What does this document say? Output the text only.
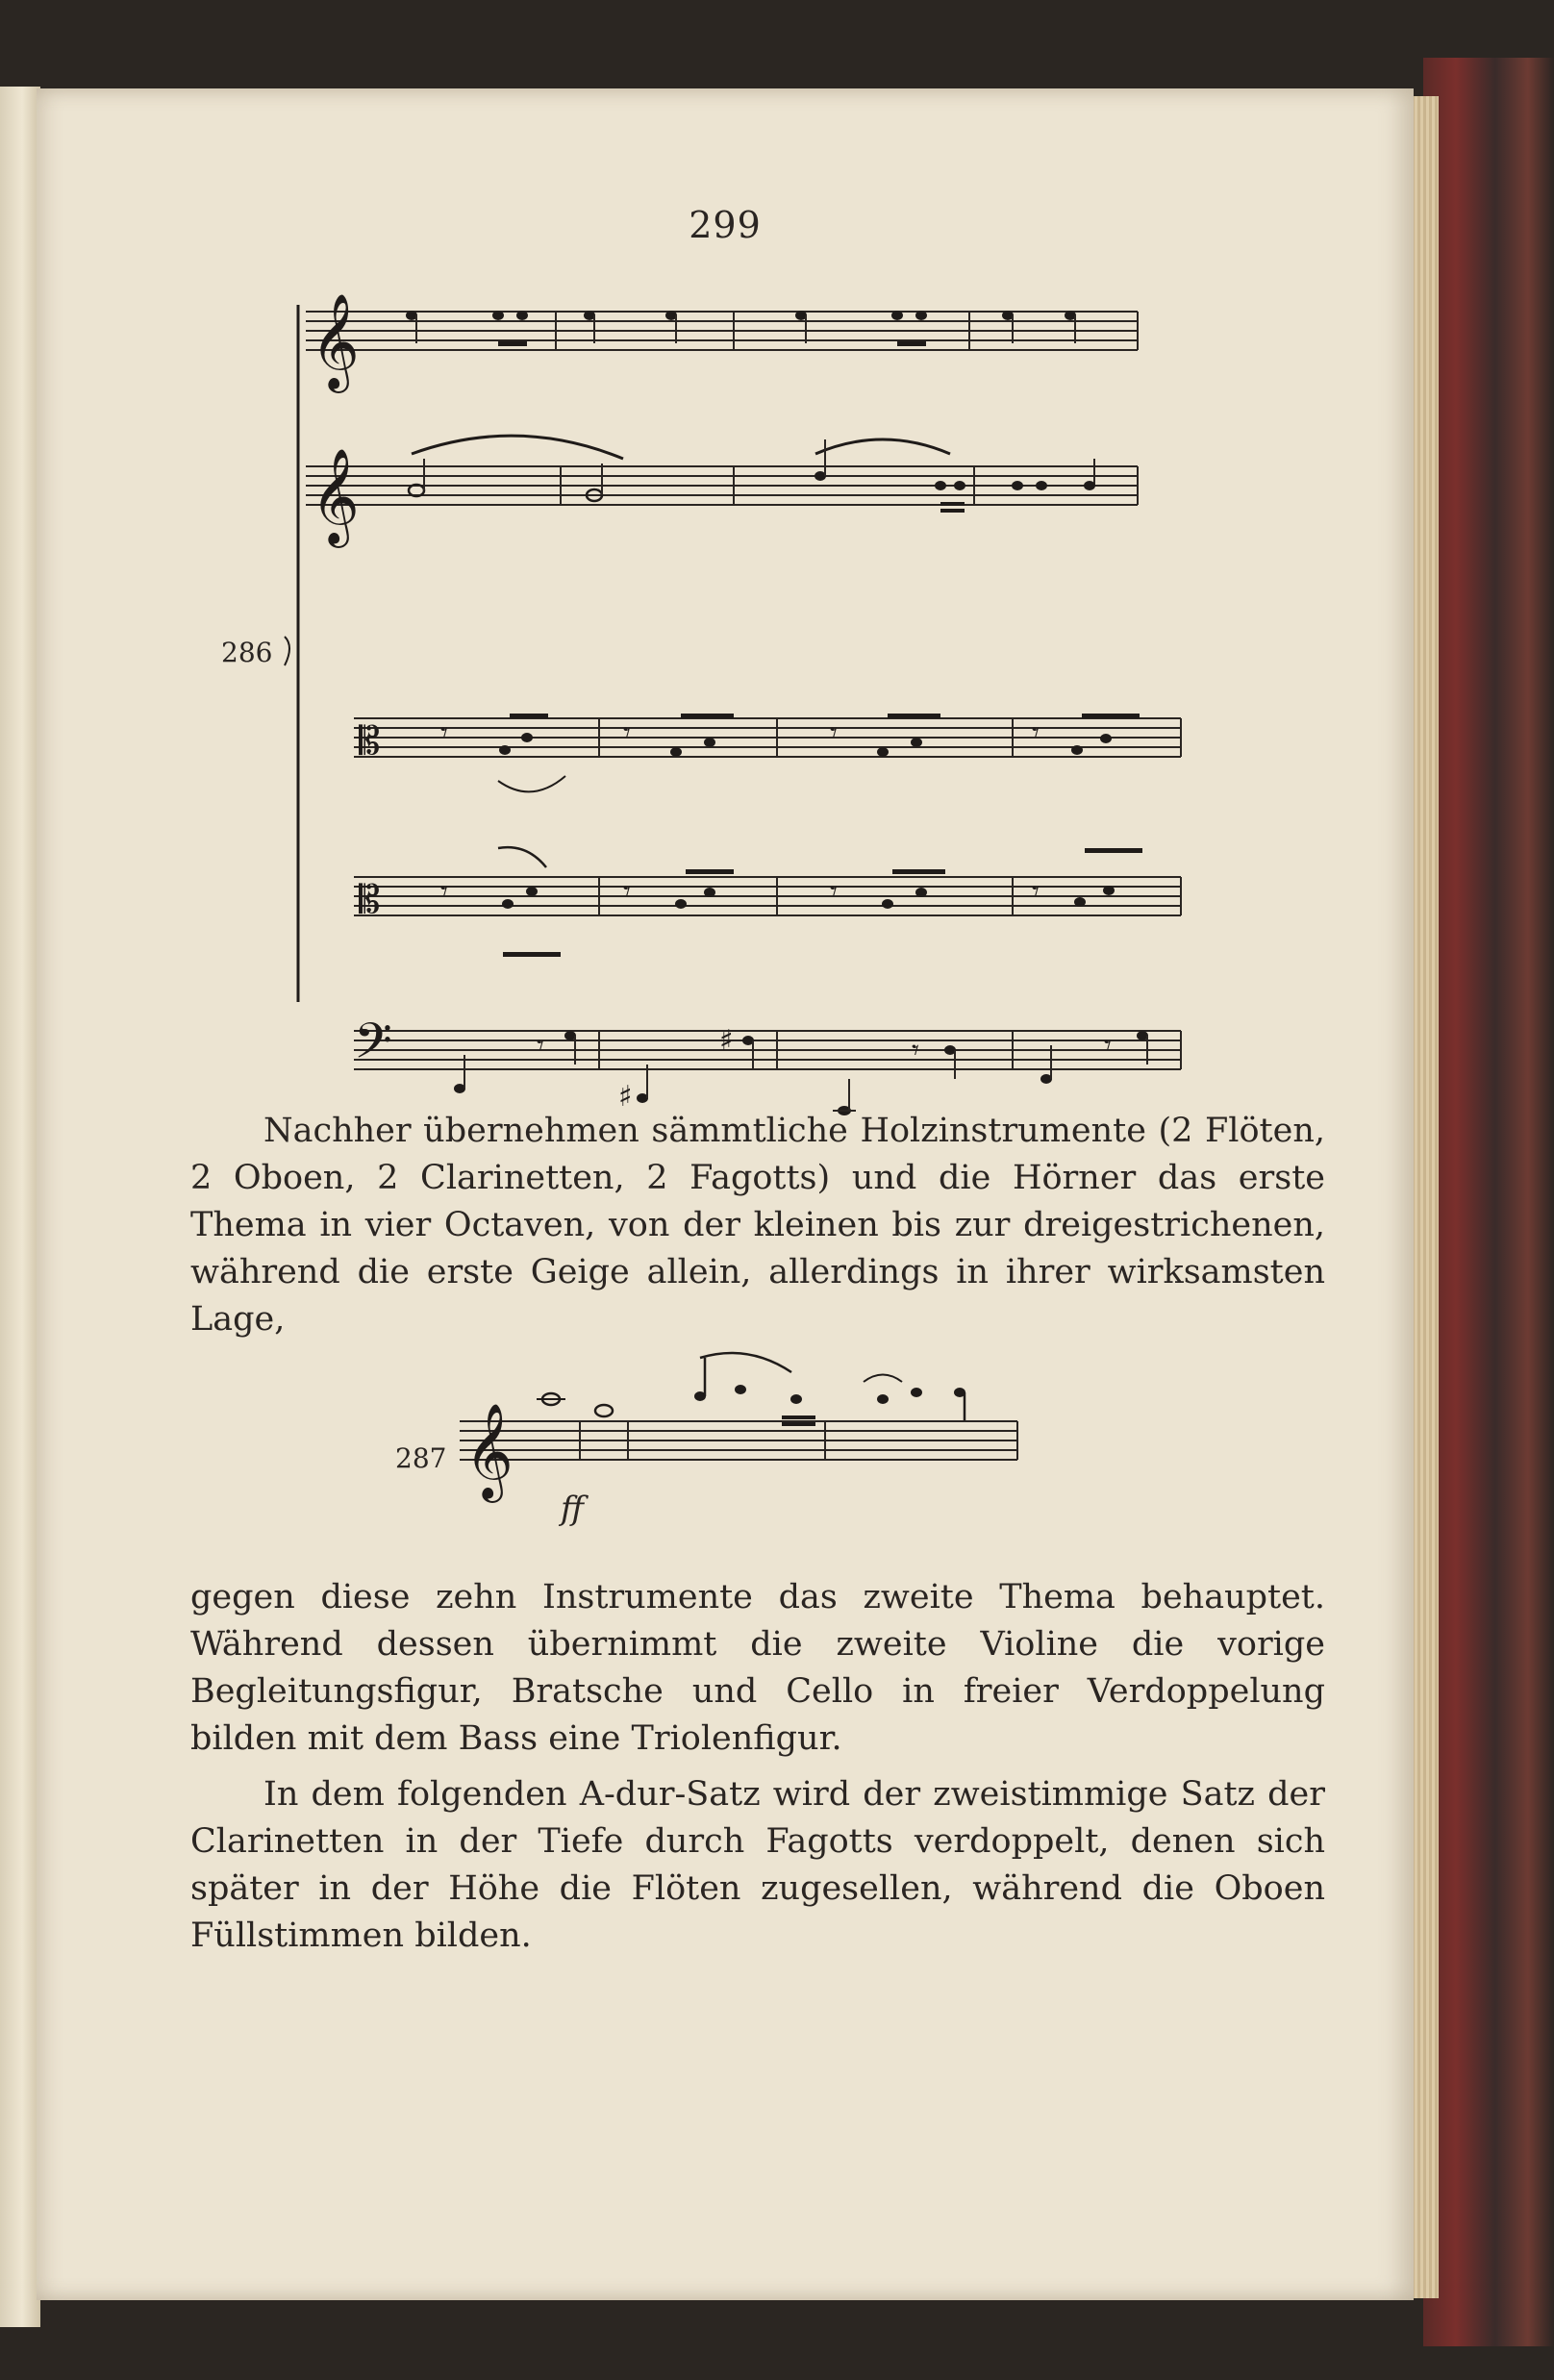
299
𝄞
𝄞
𝄡 𝄾	𝄾	𝄾	𝄾
𝄡 𝄾	𝄾	𝄾	𝄾
𝄢	𝄾
♯
♯	𝄾	𝄾
286

Nachher übernehmen sämmtliche Holzinstrumente (2 Flöten, 2 Oboen, 2 Clarinetten, 2 Fagotts) und die Hörner das erste Thema in vier Octaven, von der kleinen bis zur dreigestrichenen, während die erste Geige allein, allerdings in ihrer wirksamsten Lage,

𝄞
287
ff

gegen diese zehn Instrumente das zweite Thema behauptet. Während dessen übernimmt die zweite Violine die vorige Begleitungsfigur, Bratsche und Cello in freier Verdoppelung bilden mit dem Bass eine Triolenfigur.

In dem folgenden A-dur-Satz wird der zweistimmige Satz der Clarinetten in der Tiefe durch Fagotts verdoppelt, denen sich später in der Höhe die Flöten zugesellen, während die Oboen Füllstimmen bilden.
